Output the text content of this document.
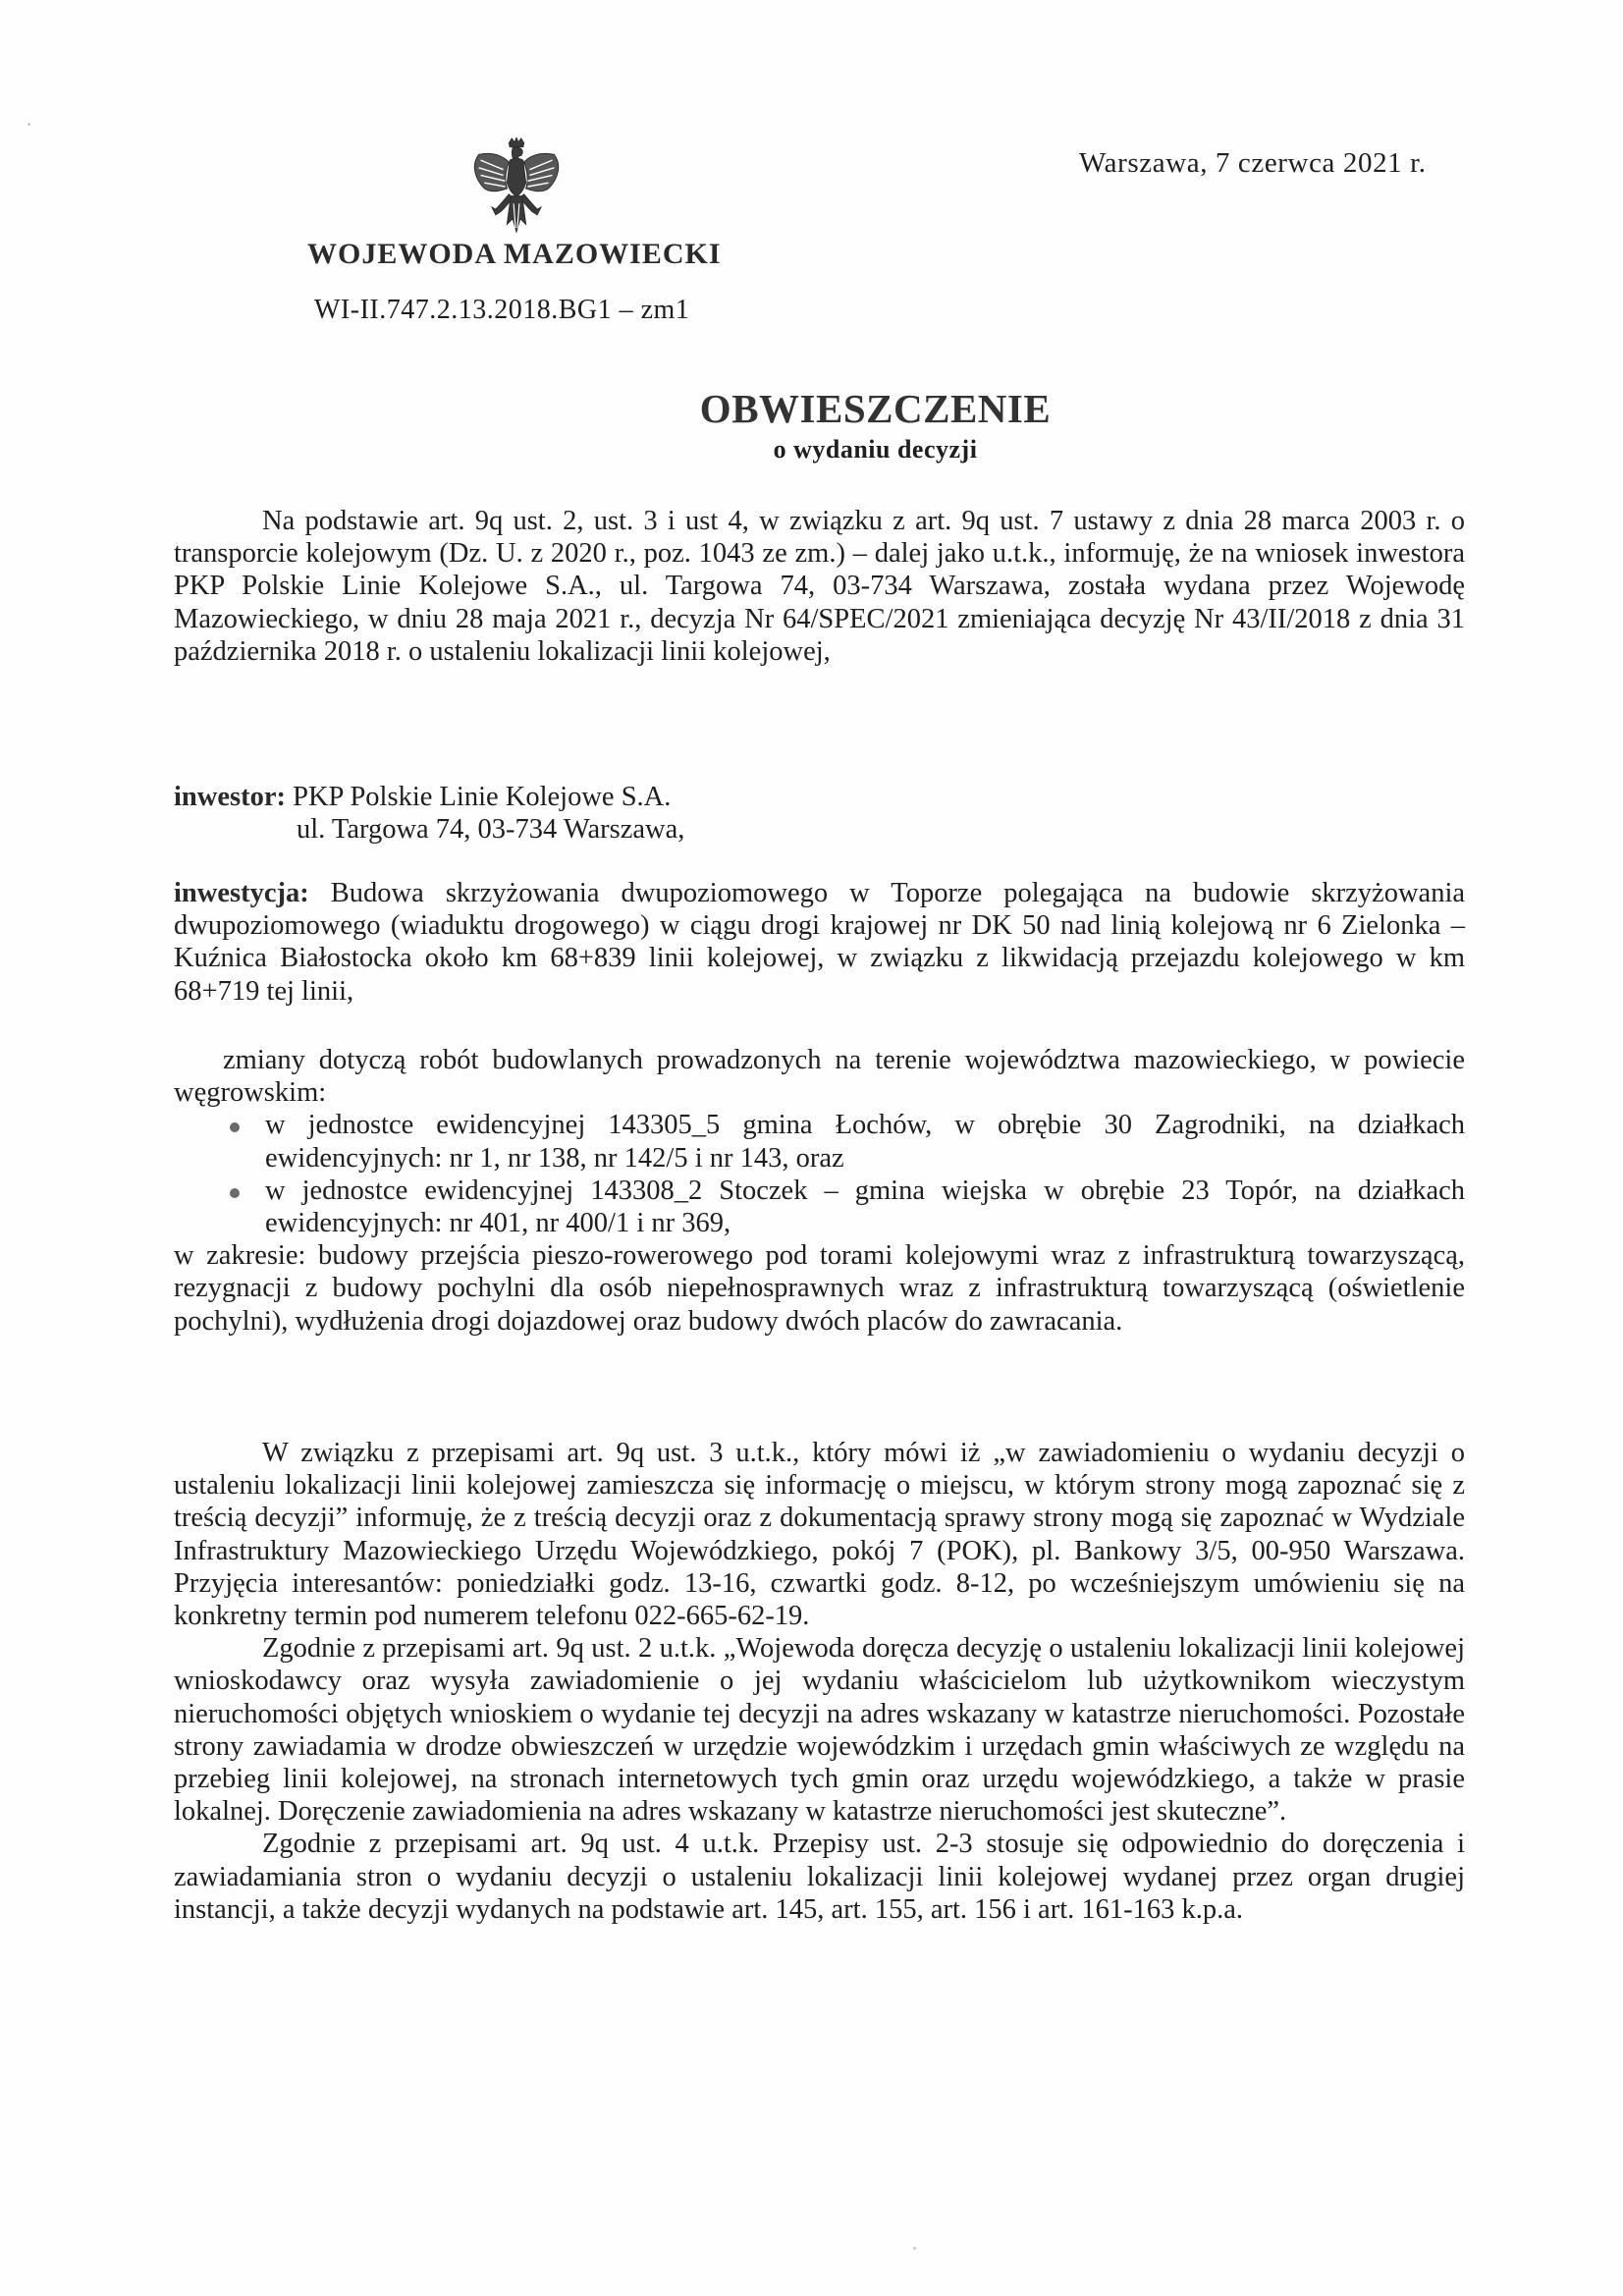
WOJEWODA MAZOWIECKI
WI-II.747.2.13.2018.BG1 – zm1
Warszawa, 7 czerwca 2021 r.
OBWIESZCZENIE
o wydaniu decyzji

Na podstawie art. 9q ust. 2, ust. 3 i ust 4, w związku z art. 9q ust. 7 ustawy z dnia 28 marca 2003 r. o transporcie kolejowym (Dz. U. z 2020 r., poz. 1043 ze zm.) – dalej jako u.t.k., informuję, że na wniosek inwestora PKP Polskie Linie Kolejowe S.A., ul. Targowa 74, 03-734 Warszawa, została wydana przez Wojewodę Mazowieckiego, w dniu 28 maja 2021 r., decyzja Nr 64/SPEC/2021 zmieniająca decyzję Nr 43/II/2018 z dnia 31 października 2018 r. o ustaleniu lokalizacji linii kolejowej,

inwestor: PKP Polskie Linie Kolejowe S.A.
ul. Targowa 74, 03-734 Warszawa,
inwestycja: Budowa skrzyżowania dwupoziomowego w Toporze polegająca na budowie skrzyżowania dwupoziomowego (wiaduktu drogowego) w ciągu drogi krajowej nr DK 50 nad linią kolejową nr 6 Zielonka – Kuźnica Białostocka około km 68+839 linii kolejowej, w związku z likwidacją przejazdu kolejowego w km 68+719 tej linii,

zmiany dotyczą robót budowlanych prowadzonych na terenie województwa mazowieckiego, w powiecie węgrowskim:

w jednostce ewidencyjnej 143305_5 gmina Łochów, w obrębie 30 Zagrodniki, na działkach ewidencyjnych: nr 1, nr 138, nr 142/5 i nr 143, oraz
w jednostce ewidencyjnej 143308_2 Stoczek – gmina wiejska w obrębie 23 Topór, na działkach ewidencyjnych: nr 401, nr 400/1 i nr 369,

w zakresie: budowy przejścia pieszo-rowerowego pod torami kolejowymi wraz z infrastrukturą towarzyszącą, rezygnacji z budowy pochylni dla osób niepełnosprawnych wraz z infrastrukturą towarzyszącą (oświetlenie pochylni), wydłużenia drogi dojazdowej oraz budowy dwóch placów do zawracania.

W związku z przepisami art. 9q ust. 3 u.t.k., który mówi iż „w zawiadomieniu o wydaniu decyzji o ustaleniu lokalizacji linii kolejowej zamieszcza się informację o miejscu, w którym strony mogą zapoznać się z treścią decyzji” informuję, że z treścią decyzji oraz z dokumentacją sprawy strony mogą się zapoznać w Wydziale Infrastruktury Mazowieckiego Urzędu Wojewódzkiego, pokój 7 (POK), pl. Bankowy 3/5, 00-950 Warszawa. Przyjęcia interesantów: poniedziałki godz. 13-16, czwartki godz. 8-12, po wcześniejszym umówieniu się na konkretny termin pod numerem telefonu 022-665-62-19.

Zgodnie z przepisami art. 9q ust. 2 u.t.k. „Wojewoda doręcza decyzję o ustaleniu lokalizacji linii kolejowej wnioskodawcy oraz wysyła zawiadomienie o jej wydaniu właścicielom lub użytkownikom wieczystym nieruchomości objętych wnioskiem o wydanie tej decyzji na adres wskazany w katastrze nieruchomości. Pozostałe strony zawiadamia w drodze obwieszczeń w urzędzie wojewódzkim i urzędach gmin właściwych ze względu na przebieg linii kolejowej, na stronach internetowych tych gmin oraz urzędu wojewódzkiego, a także w prasie lokalnej. Doręczenie zawiadomienia na adres wskazany w katastrze nieruchomości jest skuteczne”.

Zgodnie z przepisami art. 9q ust. 4 u.t.k. Przepisy ust. 2-3 stosuje się odpowiednio do doręczenia i zawiadamiania stron o wydaniu decyzji o ustaleniu lokalizacji linii kolejowej wydanej przez organ drugiej instancji, a także decyzji wydanych na podstawie art. 145, art. 155, art. 156 i art. 161-163 k.p.a.
